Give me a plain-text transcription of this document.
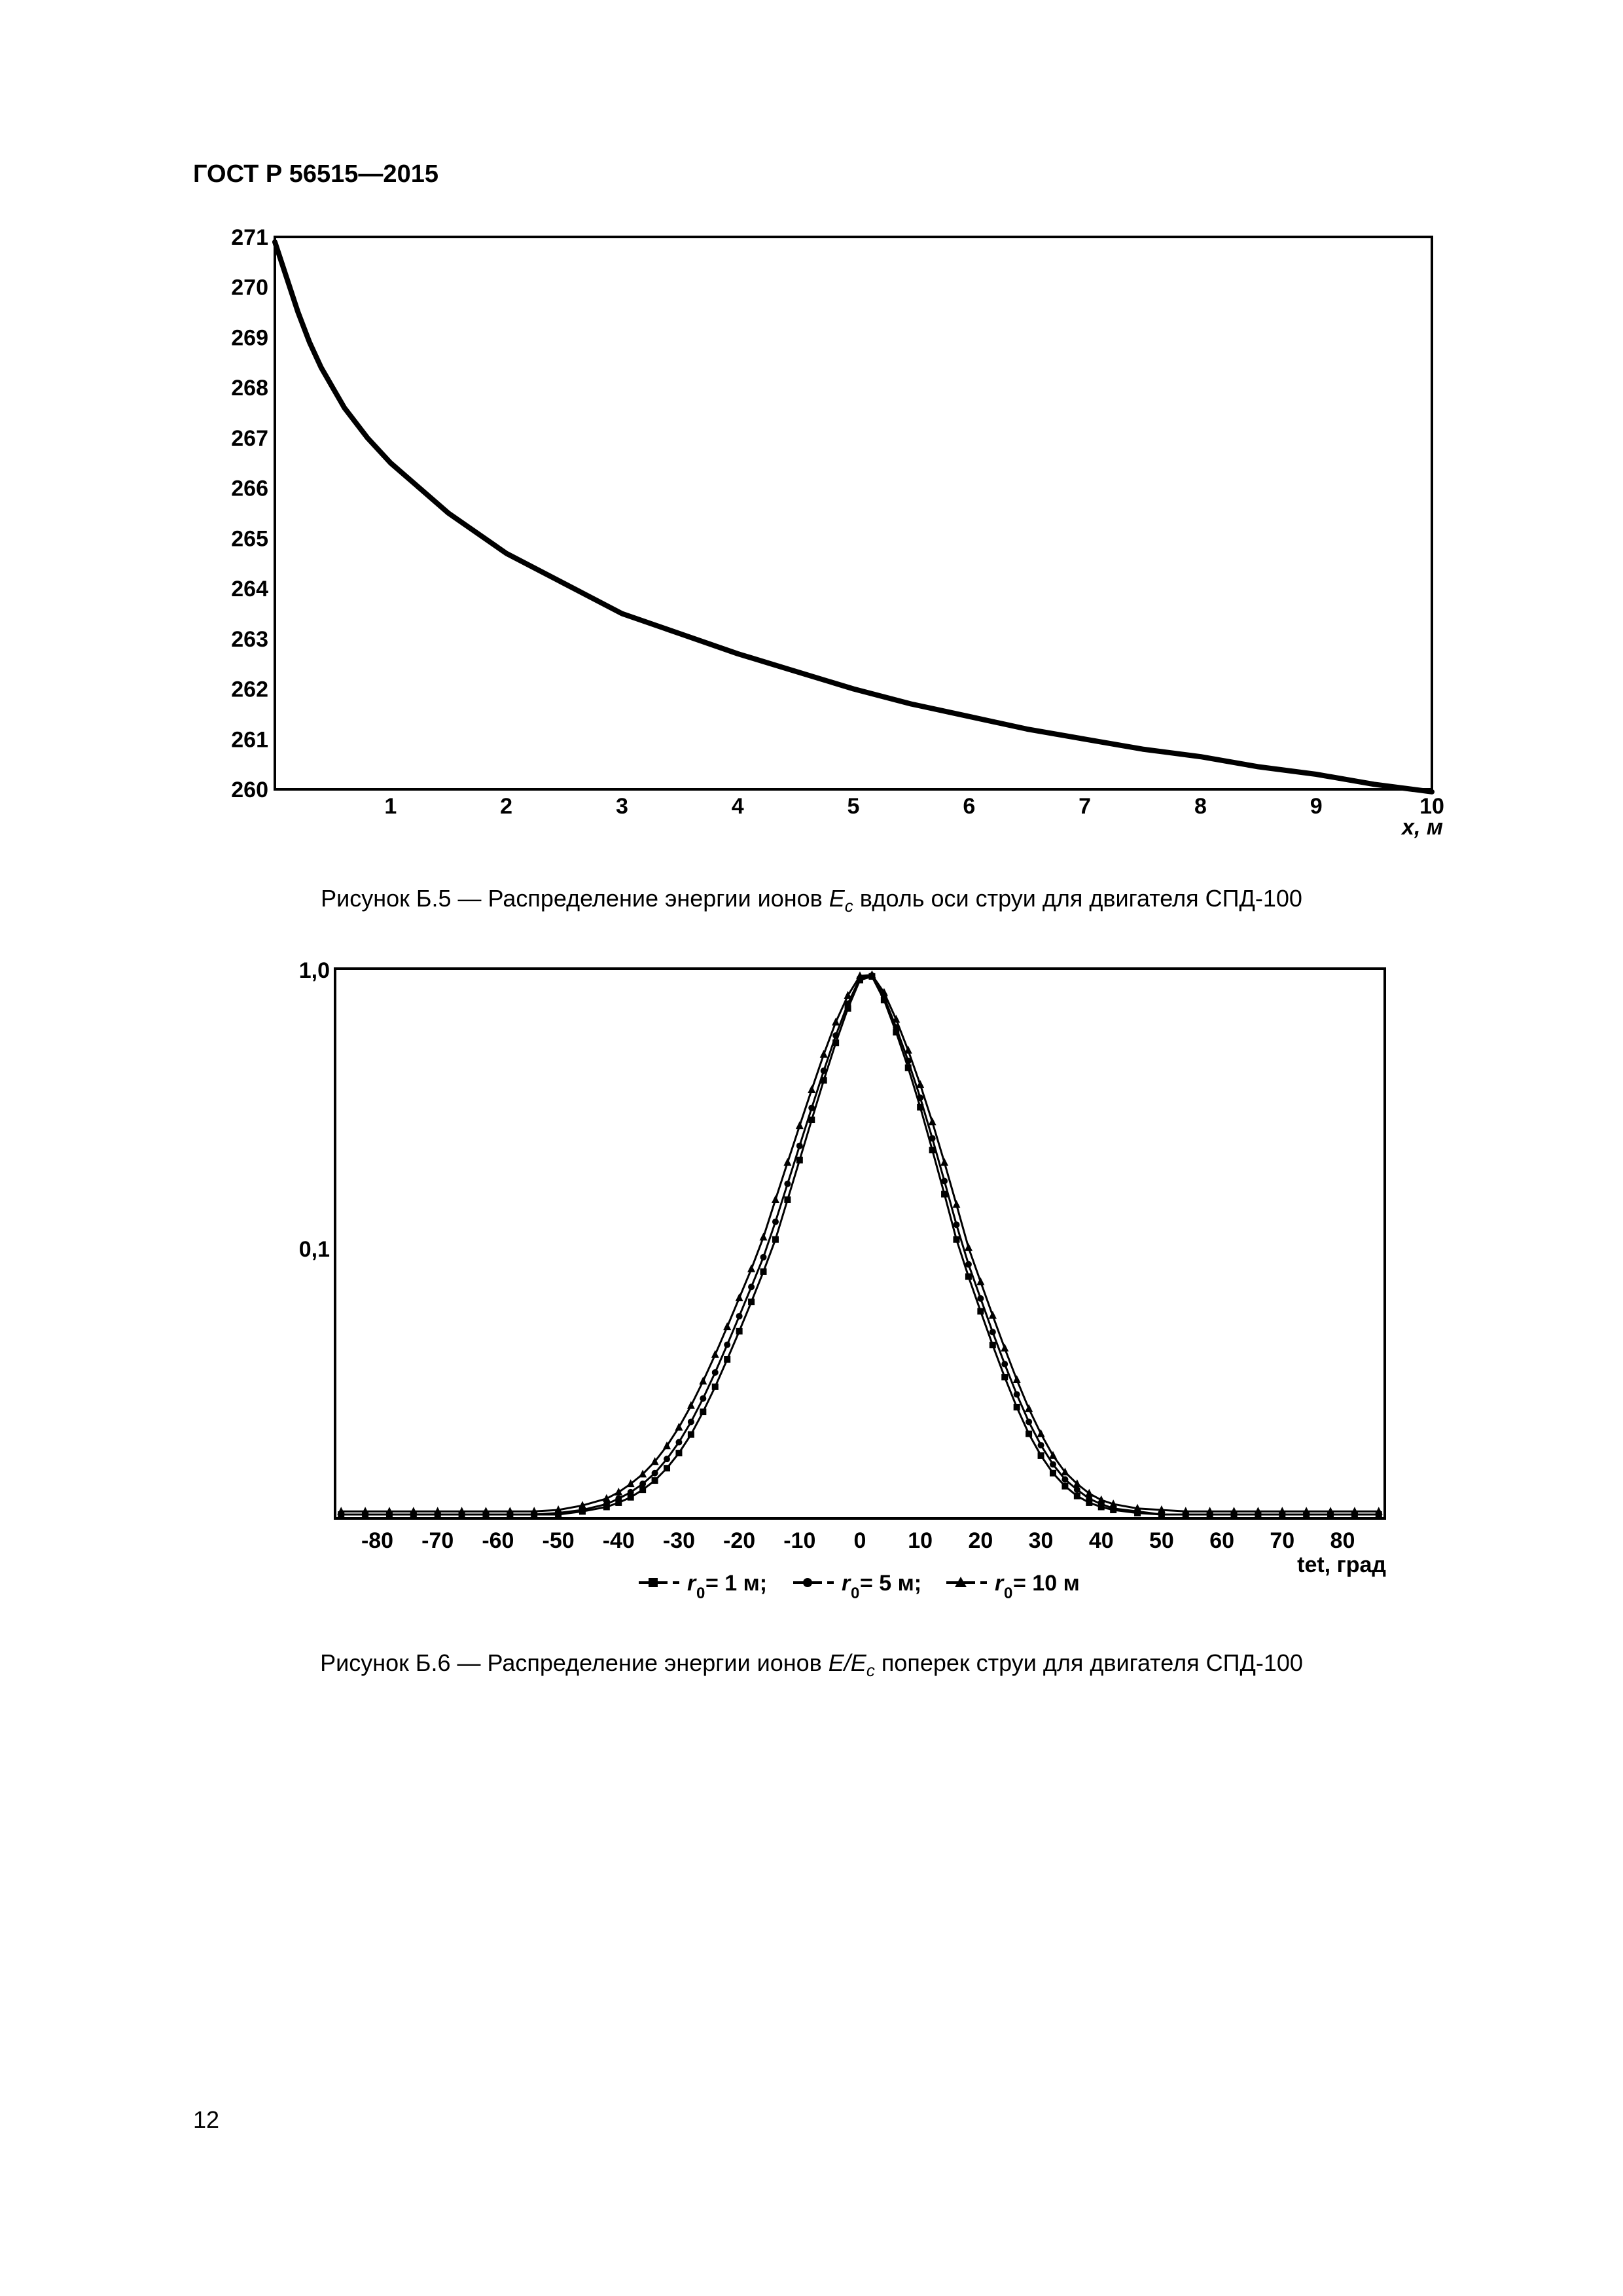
ГОСТ Р 56515—2015
260
261
262
263
264
265
266
267
268
269
270
271
1	2	3	4	5	6	7	8	9	10
x, м
Рисунок Б.5 — Распределение энергии ионов $E_c$ вдоль оси струи для двигателя СПД-100
0,1
1,0
-80 -70 -60 -50 -40 -30 -20 -10 0 10 20 30 40 50 60 70 80
tet, град
r 0 = 1 м;	r 0 = 5 м;	r 0 = 10 м
Рисунок Б.6 — Распределение энергии ионов $E/E_c$ поперек струи для двигателя СПД-100
12
